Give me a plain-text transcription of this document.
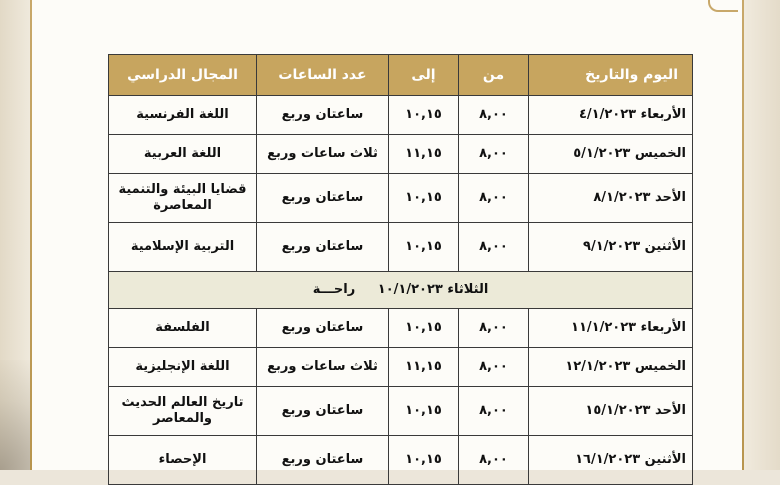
اليوم والتاريخ	من	إلى	عدد الساعات	المجال الدراسي
الأربعاء ٤/١/٢٠٢٣	٨,٠٠	١٠,١٥	ساعتان وربع	اللغة الفرنسية
الخميس ٥/١/٢٠٢٣	٨,٠٠	١١,١٥	ثلاث ساعات وربع	اللغة العربية
الأحد ٨/١/٢٠٢٣	٨,٠٠	١٠,١٥	ساعتان وربع	قضايا البيئة والتنمية المعاصرة
الأثنين ٩/١/٢٠٢٣	٨,٠٠	١٠,١٥	ساعتان وربع	التربية الإسلامية
الثلاثاء ١٠/١/٢٠٢٣ راحـــة				
الأربعاء ١١/١/٢٠٢٣	٨,٠٠	١٠,١٥	ساعتان وربع	الفلسفة
الخميس ١٢/١/٢٠٢٣	٨,٠٠	١١,١٥	ثلاث ساعات وربع	اللغة الإنجليزية
الأحد ١٥/١/٢٠٢٣	٨,٠٠	١٠,١٥	ساعتان وربع	تاريخ العالم الحديث والمعاصر
الأثنين ١٦/١/٢٠٢٣	٨,٠٠	١٠,١٥	ساعتان وربع	الإحصاء
